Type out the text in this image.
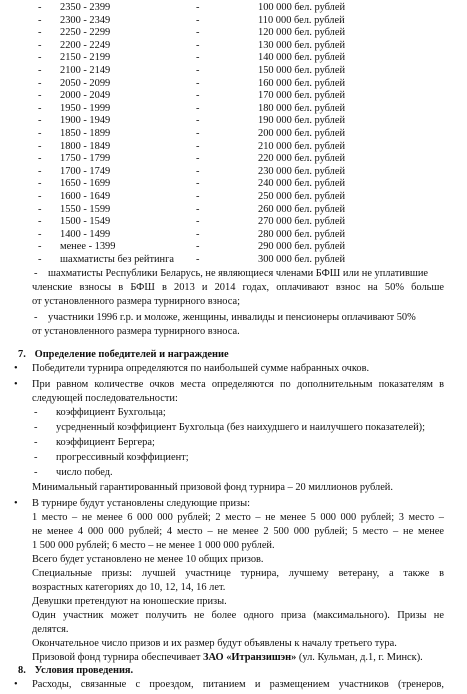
- 2350 - 2399	-	100 000 бел. рублей
- 2300 - 2349	-	110 000 бел. рублей
- 2250 - 2299	-	120 000 бел. рублей
- 2200 - 2249	-	130 000 бел. рублей
- 2150 - 2199	-	140 000 бел. рублей
- 2100 - 2149	-	150 000 бел. рублей
- 2050 - 2099	-	160 000 бел. рублей
- 2000 - 2049	-	170 000 бел. рублей
- 1950 - 1999	-	180 000 бел. рублей
- 1900 - 1949	-	190 000 бел. рублей
- 1850 - 1899	-	200 000 бел. рублей
- 1800 - 1849	-	210 000 бел. рублей
- 1750 - 1799	-	220 000 бел. рублей
- 1700 - 1749	-	230 000 бел. рублей
- 1650 - 1699	-	240 000 бел. рублей
- 1600 - 1649	-	250 000 бел. рублей
- 1550 - 1599	-	260 000 бел. рублей
- 1500 - 1549	-	270 000 бел. рублей
- 1400 - 1499	-	280 000 бел. рублей
- менее - 1399	-	290 000 бел. рублей
- шахматисты без рейтинга -	300 000 бел. рублей
- шахматисты Республики Беларусь, не являющиеся членами БФШ или не уплатившие
членские взносы в БФШ в 2013 и 2014 годах, оплачивают взнос на 50% больше
от установленного размера турнирного взноса;
- участники 1996 г.р. и моложе, женщины, инвалиды и пенсионеры оплачивают 50%
от установленного размера турнирного взноса.
7. Определение победителей и награждение
• Победители турнира определяются по наибольшей сумме набранных очков.
• При равном количестве очков места определяются по дополнительным показателям в
следующей последовательности:
- коэффициент Бухгольца;
- усредненный коэффициент Бухгольца (без наихудшего и наилучшего показателей);
- коэффициент Бергера;
- прогрессивный коэффициент;
- число побед.
Минимальный гарантированный призовой фонд турнира – 20 миллионов рублей.
• В турнире будут установлены следующие призы:
1 место – не менее 6 000 000 рублей; 2 место – не менее 5 000 000 рублей; 3 место –
не менее 4 000 000 рублей; 4 место – не менее 2 500 000 рублей; 5 место – не менее
1 500 000 рублей; 6 место – не менее 1 000 000 рублей.
Всего будет установлено не менее 10 общих призов.
Специальные призы: лучшей участнице турнира, лучшему ветерану, а также в
возрастных категориях до 10, 12, 14, 16 лет.
Девушки претендуют на юношеские призы.
Один участник может получить не более одного приза (максимального). Призы не
делятся.
Окончательное число призов и их размер будут объявлены к началу третьего тура.
Призовой фонд турнира обеспечивает ЗАО «Итранзишэн» (ул. Кульман, д.1, г. Минск).
8. Условия проведения.
• Расходы, связанные с проездом, питанием и размещением участников (тренеров,
